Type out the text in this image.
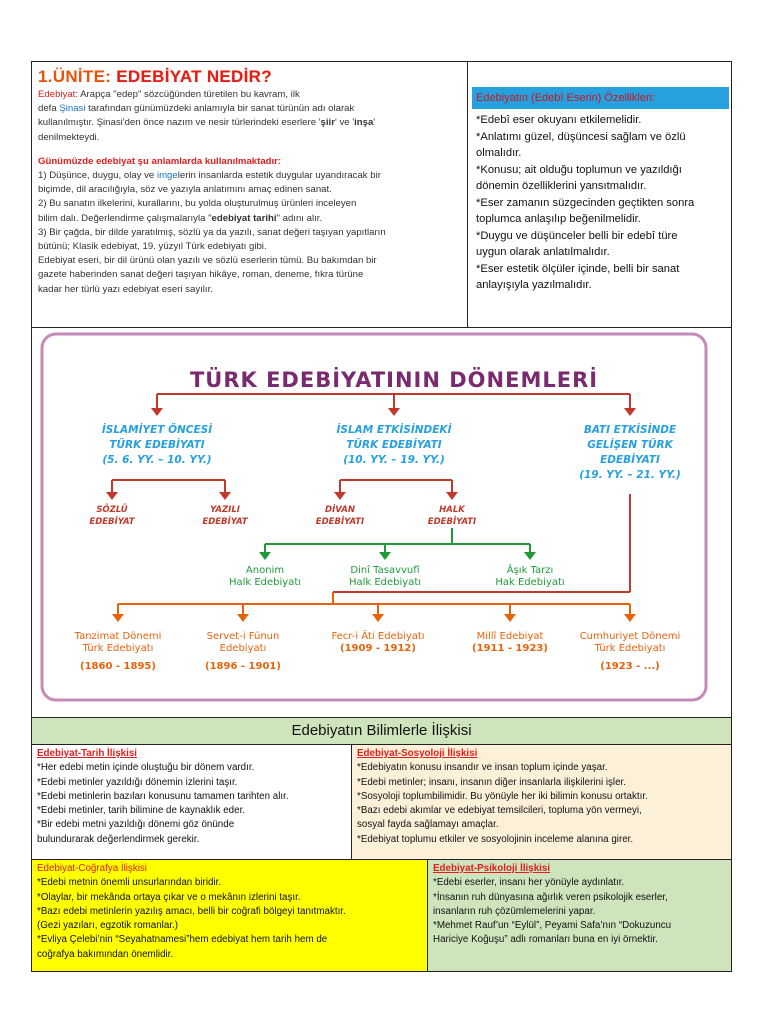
1.ÜNİTE: EDEBİYAT NEDİR?
Edebiyat: Arapça "edep" sözcüğünden türetilen bu kavram, ilk
defa Şinasi tarafından günümüzdeki anlamıyla bir sanat türünün adı olarak
kullanılmıştır. Şinasi'den önce nazım ve nesir türlerindeki eserlere 'şiir' ve 'inşa'
denilmekteydi.
Günümüzde edebiyat şu anlamlarda kullanılmaktadır:
1) Düşünce, duygu, olay ve imgelerin insanlarda estetik duygular uyandıracak bir
biçimde, dil aracılığıyla, söz ve yazıyla anlatımını amaç edinen sanat.
2) Bu sanatın ilkelerini, kurallarını, bu yolda oluşturulmuş ürünleri inceleyen
bilim dalı. Değerlendirme çalışmalarıyla "edebiyat tarihi" adını alır.
3) Bir çağda, bir dilde yaratılmış, sözlü ya da yazılı, sanat değeri taşıyan yapıtların
bütünü; Klasik edebiyat, 19. yüzyıl Türk edebiyatı gibi.
Edebiyat eseri, bir dil ürünü olan yazılı ve sözlü eserlerin tümü. Bu bakımdan bir
gazete haberinden sanat değeri taşıyan hikâye, roman, deneme, fıkra türüne
kadar her türlü yazı edebiyat eseri sayılır.
Edebiyatın (Edebî Eserin) Özellikleri:
*Edebî eser okuyanı etkilemelidir.
*Anlatımı güzel, düşüncesi sağlam ve özlü
olmalıdır.
*Konusu; ait olduğu toplumun ve yazıldığı
dönemin özelliklerini yansıtmalıdır.
*Eser zamanın süzgecinden geçtikten sonra
toplumca anlaşılıp beğenilmelidir.
*Duygu ve düşünceler belli bir edebî türe
uygun olarak anlatılmalıdır.
*Eser estetik ölçüler içinde, belli bir sanat
anlayışıyla yazılmalıdır.
TÜRK EDEBİYATININ DÖNEMLERİ
İSLAMİYET ÖNCESİ
TÜRK EDEBİYATI
(5. 6. YY. – 10. YY.)
İSLAM ETKİSİNDEKİ
TÜRK EDEBİYATI
(10. YY. – 19. YY.)
BATI ETKİSİNDE
GELİŞEN TÜRK
EDEBİYATI
(19. YY. – 21. YY.)
SÖZLÜ
EDEBİYAT
YAZILI
EDEBİYAT
DİVAN
EDEBİYATI
HALK
EDEBİYATI
Anonim
Halk Edebiyatı
Dinî Tasavvufî
Halk Edebiyatı
Âşık Tarzı
Hak Edebiyatı
Tanzimat Dönemi
Türk Edebiyatı
(1860 - 1895)
Servet-i Fünun
Edebiyatı
(1896 - 1901)
Fecr-i Âti Edebiyatı
(1909 - 1912)
Millî Edebiyat
(1911 - 1923)
Cumhuriyet Dönemi
Türk Edebiyatı
(1923 - ...)
Edebiyatın Bilimlerle İlişkisi
Edebiyat-Tarih İlişkisi
*Her edebi metin içinde oluştuğu bir dönem vardır.
*Edebi metinler yazıldığı dönemin izlerini taşır.
*Edebi metinlerin bazıları konusunu tamamen tarihten alır.
*Edebi metinler, tarih bilimine de kaynaklık eder.
*Bir edebi metni yazıldığı dönemi göz önünde
bulundurarak değerlendirmek gerekir.
Edebiyat-Sosyoloji İlişkisi
*Edebiyatın konusu insandır ve insan toplum içinde yaşar.
*Edebi metinler; insanı, insanın diğer insanlarla ilişkilerini işler.
*Sosyoloji toplumbilimidir. Bu yönüyle her iki bilimin konusu ortaktır.
*Bazı edebi akımlar ve edebiyat temsilcileri, topluma yön vermeyi,
sosyal fayda sağlamayı amaçlar.
*Edebiyat toplumu etkiler ve sosyolojinin inceleme alanına girer.
Edebiyat-Coğrafya İlişkisi
*Edebi metnin önemli unsurlarından biridir.
*Olaylar, bir mekânda ortaya çıkar ve o mekânın izlerini taşır.
*Bazı edebi metinlerin yazılış amacı, belli bir coğrafi bölgeyi tanıtmaktır.
(Gezi yazıları, egzotik romanlar.)
*Evliya Çelebi’nin “Seyahatnamesi”hem edebiyat hem tarih hem de
coğrafya bakımından önemlidir.
Edebiyat-Psikoloji İlişkisi
*Edebi eserler, insanı her yönüyle aydınlatır.
*İnsanın ruh dünyasına ağırlık veren psikolojik eserler,
insanların ruh çözümlemelerini yapar.
*Mehmet Rauf’un “Eylül”, Peyami Safa’nın “Dokuzuncu
Hariciye Koğuşu” adlı romanları buna en iyi örnektir.
